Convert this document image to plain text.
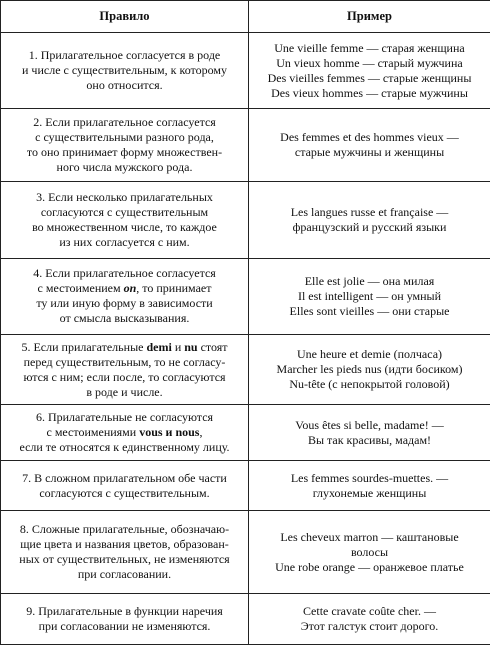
Правило	Пример

1. Прилагательное согласуется в роде
и числе с существительным, к которому
оно относится.	Une vieille femme — старая женщина
Un vieux homme — старый мужчина
Des vieilles femmes — старые женщины
Des vieux hommes — старые мужчины

2. Если прилагательное согласуется
с существительными разного рода,
то оно принимает форму множествен-
ного числа мужского рода.	Des femmes et des hommes vieux —
старые мужчины и женщины

3. Если несколько прилагательных
согласуются с существительным
во множественном числе, то каждое
из них согласуется с ним.	Les langues russe et française —
французский и русский языки

4. Если прилагательное согласуется
с местоимением on, то принимает
ту или иную форму в зависимости
от смысла высказывания.	Elle est jolie — она милая
Il est intelligent — он умный
Elles sont vieilles — они старые

5. Если прилагательные demi и nu стоят
перед существительным, то не согласу-
ются с ним; если после, то согласуются
в роде и числе.	Une heure et demie (полчаса)
Marcher les pieds nus (идти босиком)
Nu-tête (с непокрытой головой)

6. Прилагательные не согласуются
с местоимениями vous и nous,
если те относятся к единственному лицу.	Vous êtes si belle, madame! —
Вы так красивы, мадам!

7. В сложном прилагательном обе части
согласуются с существительным.	Les femmes sourdes-muettes. —
глухонемые женщины

8. Сложные прилагательные, обозначаю-
щие цвета и названия цветов, образован-
ных от существительных, не изменяются
при согласовании.	Les cheveux marron — каштановые
волосы
Une robe orange — оранжевое платье

9. Прилагательные в функции наречия
при согласовании не изменяются.	Cette cravate coûte cher. —
Этот галстук стоит дорого.
